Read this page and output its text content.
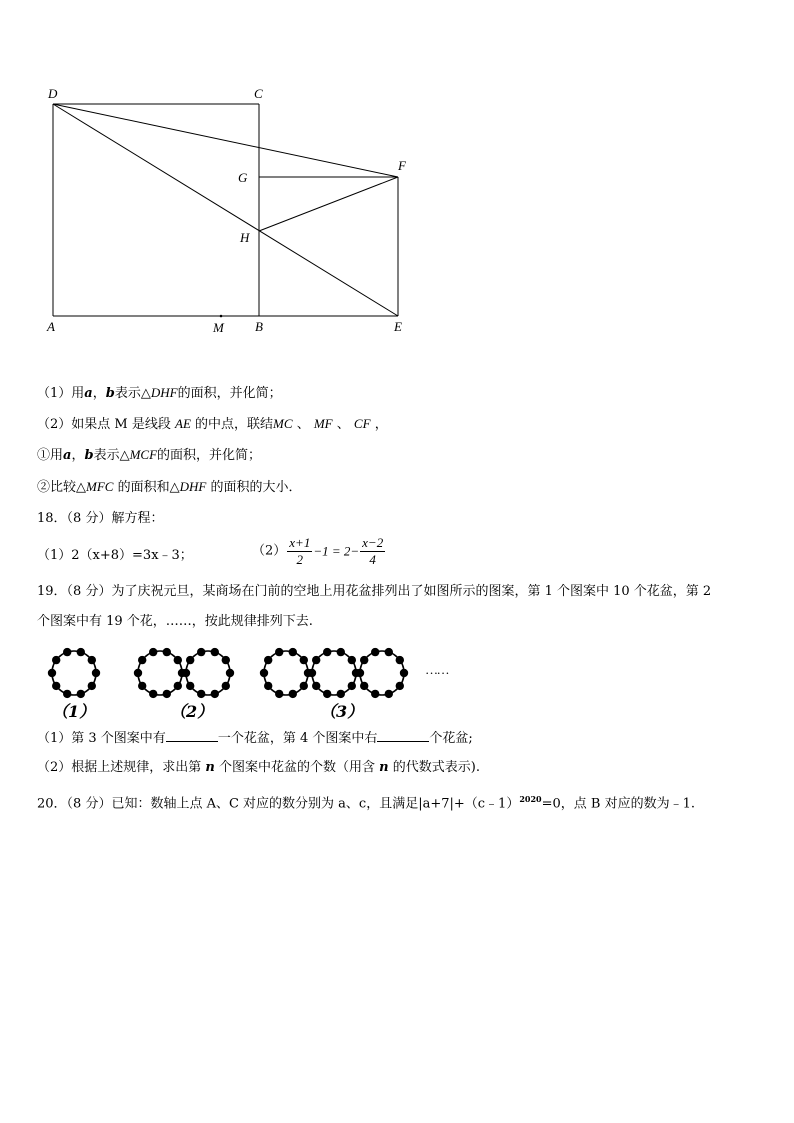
D	C
G
F
H
A	M B	E
（1）用a，b表示△DHF的面积，并化简；
（2）如果点 M 是线段 AE 的中点，联结MC 、 MF 、 CF ，
①用a，b表示△MCF的面积，并化简；
②比较△MFC 的面积和△DHF 的面积的大小．
18．（8 分）解方程：
（1）2（x+8）=3x﹣3；	$(2) \frac{x+1}{2} -1 = 2- \frac{x-2}{4}$
19．（8 分）为了庆祝元旦，某商场在门前的空地上用花盆排列出了如图所示的图案，第 1 个图案中 10 个花盆，第 2
个图案中有 19 个花，……，按此规律排列下去.
……
（1）	（2）	（3）
（1）第 3 个图案中有	一个花盆，第 4 个图案中右	个花盆;
（2）根据上述规律，求出第 n 个图案中花盆的个数（用含 n 的代数式表示).
20．（8 分）已知：数轴上点 A、C 对应的数分别为 a、c，且满足|a+7|+（c﹣1）$^{2020}$=0，点 B 对应的数为﹣1.
